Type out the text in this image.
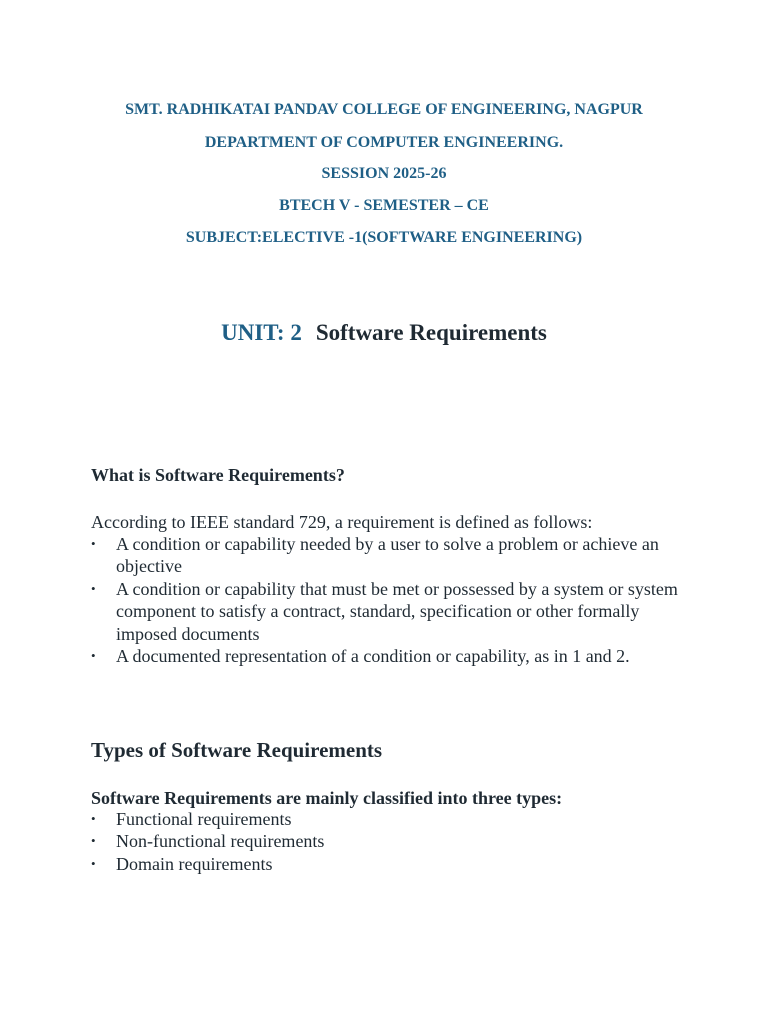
SMT. RADHIKATAI PANDAV COLLEGE OF ENGINEERING, NAGPUR
DEPARTMENT OF COMPUTER ENGINEERING.
SESSION 2025-26
BTECH V - SEMESTER – CE
SUBJECT:ELECTIVE -1(SOFTWARE ENGINEERING)
UNIT: 2 Software Requirements
What is Software Requirements?
According to IEEE standard 729, a requirement is defined as follows:
• A condition or capability needed by a user to solve a problem or achieve an objective
• A condition or capability that must be met or possessed by a system or system component to satisfy a contract, standard, specification or other formally imposed documents
• A documented representation of a condition or capability, as in 1 and 2.
Types of Software Requirements
Software Requirements are mainly classified into three types:
• Functional requirements
• Non-functional requirements
• Domain requirements
